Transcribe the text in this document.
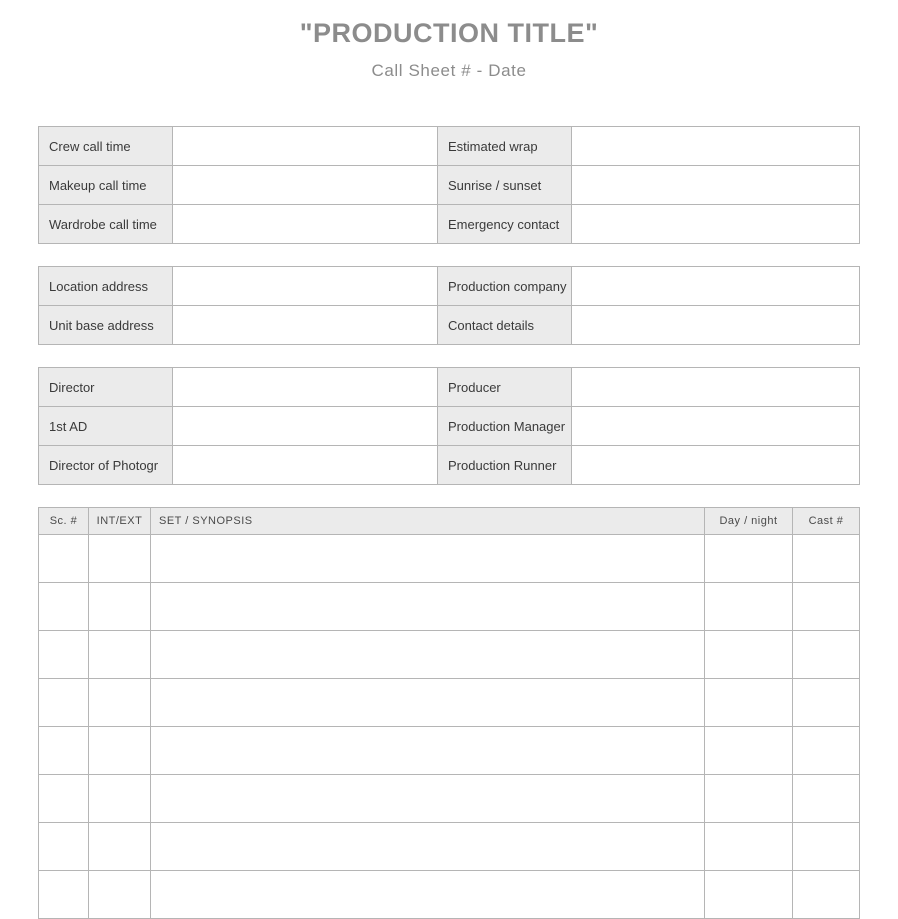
"PRODUCTION TITLE"
Call Sheet # - Date
Crew call time	Estimated wrap
Makeup call time	Sunrise / sunset
Wardrobe call time	Emergency contact
Location address	Production company
Unit base address	Contact details
Director	Producer
1st AD	Production Manager
Director of Photogr	Production Runner
Sc. #	INT/EXT	SET / SYNOPSIS	Day / night	Cast #
